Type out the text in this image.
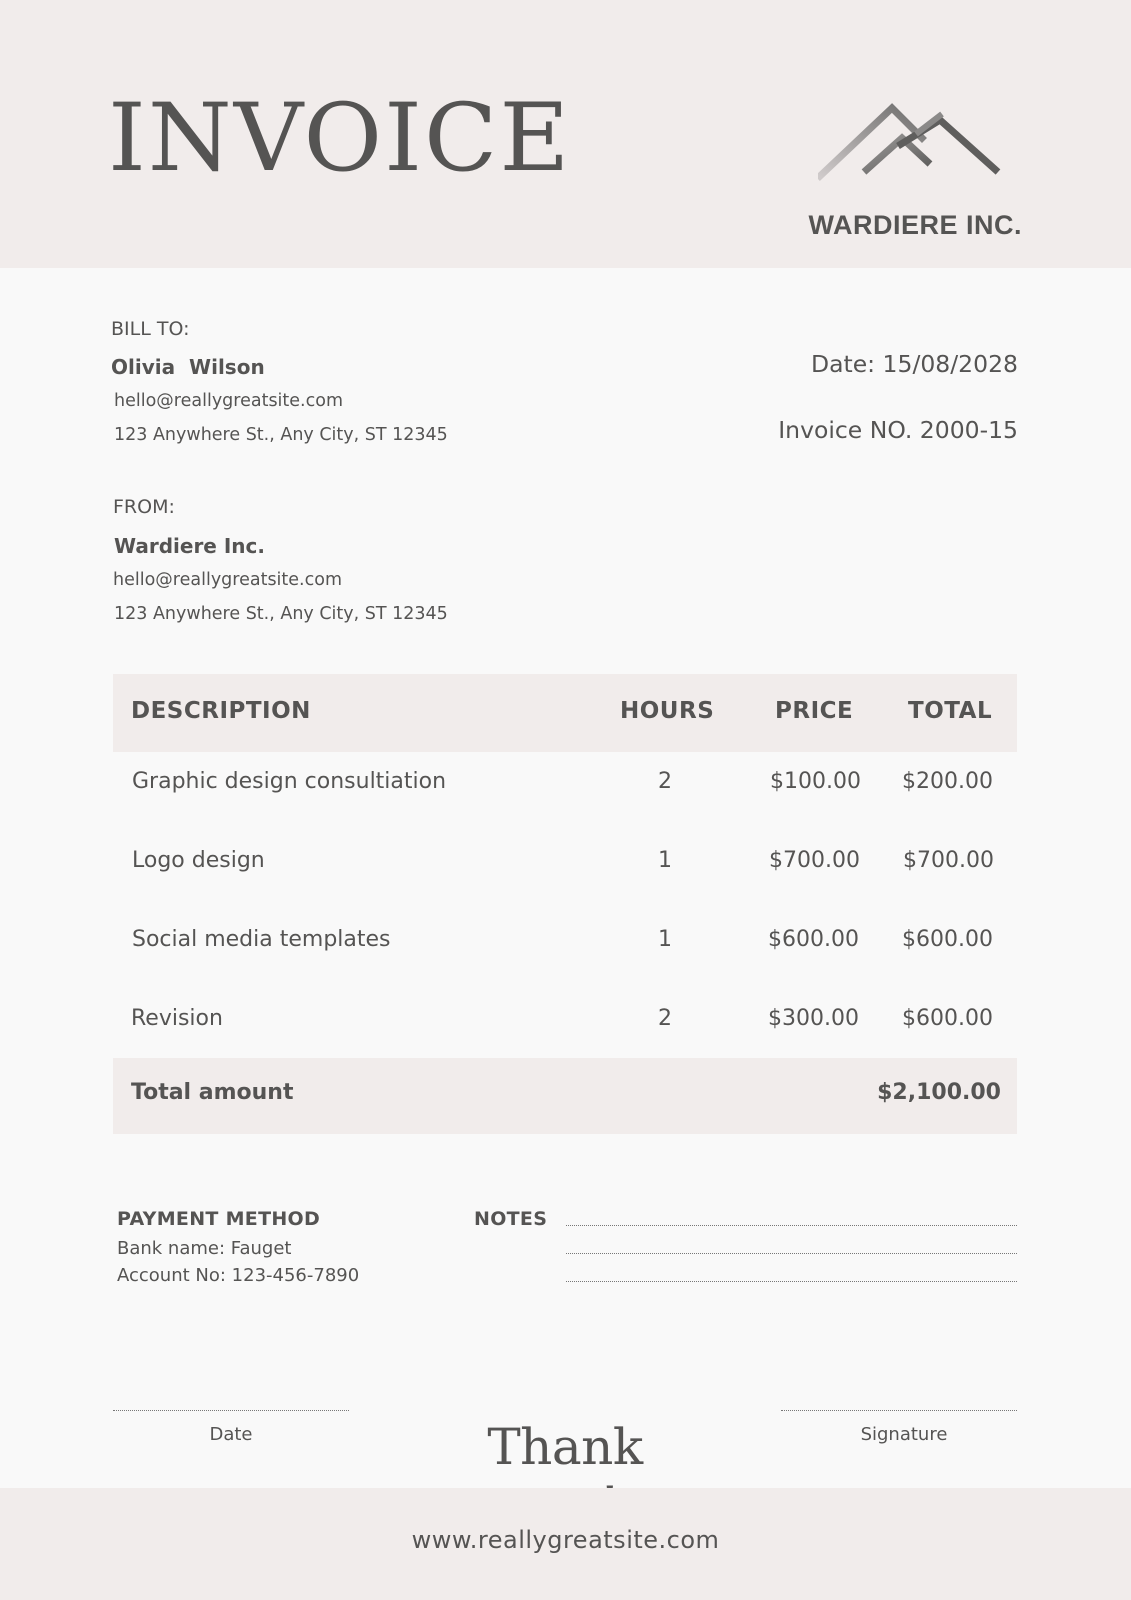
INVOICE
WARDIERE INC.
BILL TO:
Olivia  Wilson
hello@reallygreatsite.com
123 Anywhere St., Any City, ST 12345
Date: 15/08/2028
Invoice NO. 2000-15
FROM:
Wardiere Inc.
hello@reallygreatsite.com
123 Anywhere St., Any City, ST 12345
DESCRIPTION	HOURS	PRICE TOTAL
Graphic design consultiation	2	$100.00 $200.00
Logo design	1	$700.00 $700.00
Social media templates	1	$600.00 $600.00
Revision	2	$300.00 $600.00
Total amount	$2,100.00
PAYMENT METHOD
Bank name: Fauget
Account No: 123-456-7890
NOTES
Date	Thank	Signature
www.reallygreatsite.com
